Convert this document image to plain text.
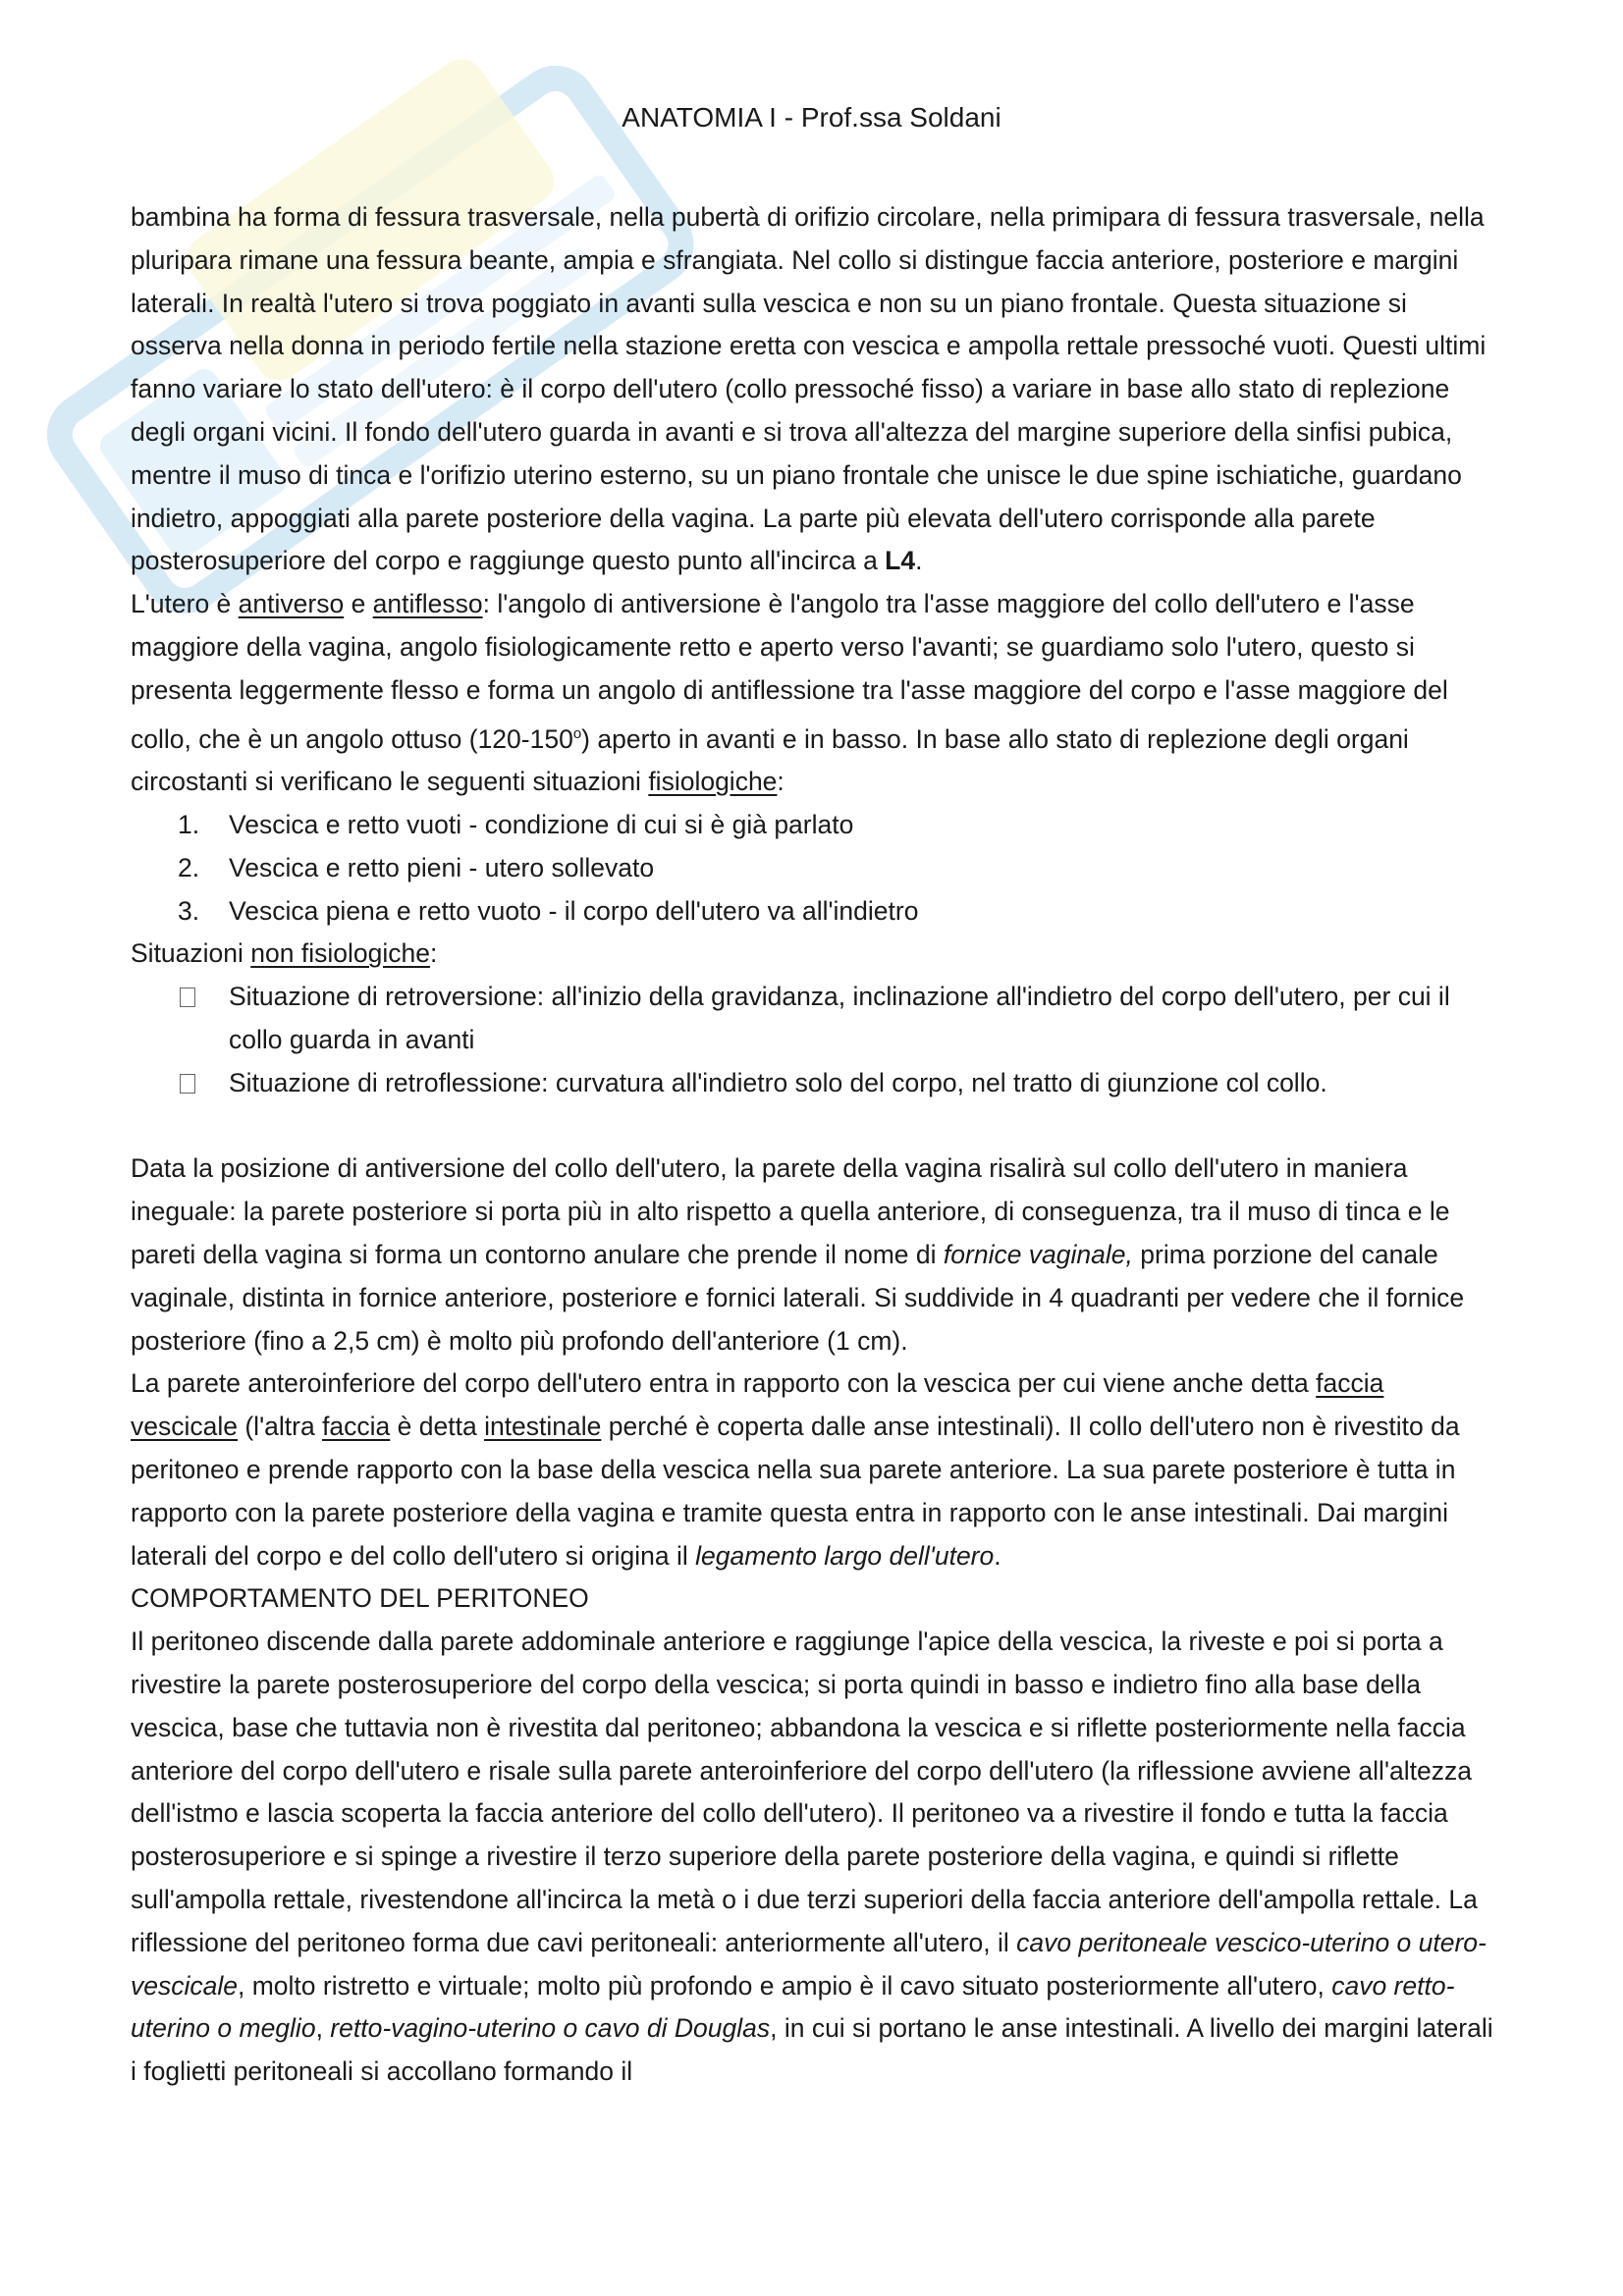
ANATOMIA I - Prof.ssa Soldani

bambina ha forma di fessura trasversale, nella pubertà di orifizio circolare, nella primipara di fessura trasversale, nella pluripara rimane una fessura beante, ampia e sfrangiata. Nel collo si distingue faccia anteriore, posteriore e margini laterali. In realtà l'utero si trova poggiato in avanti sulla vescica e non su un piano frontale. Questa situazione si osserva nella donna in periodo fertile nella stazione eretta con vescica e ampolla rettale pressoché vuoti. Questi ultimi fanno variare lo stato dell'utero: è il corpo dell'utero (collo pressoché fisso) a variare in base allo stato di replezione degli organi vicini. Il fondo dell'utero guarda in avanti e si trova all'altezza del margine superiore della sinfisi pubica, mentre il muso di tinca e l'orifizio uterino esterno, su un piano frontale che unisce le due spine ischiatiche, guardano indietro, appoggiati alla parete posteriore della vagina. La parte più elevata dell'utero corrisponde alla parete posterosuperiore del corpo e raggiunge questo punto all'incirca a L4.

L'utero è antiverso e antiflesso: l'angolo di antiversione è l'angolo tra l'asse maggiore del collo dell'utero e l'asse maggiore della vagina, angolo fisiologicamente retto e aperto verso l'avanti; se guardiamo solo l'utero, questo si presenta leggermente flesso e forma un angolo di antiflessione tra l'asse maggiore del corpo e l'asse maggiore del collo, che è un angolo ottuso (120-150$^o$) aperto in avanti e in basso. In base allo stato di replezione degli organi circostanti si verificano le seguenti situazioni fisiologiche:

1.	Vescica e retto vuoti - condizione di cui si è già parlato
2.	Vescica e retto pieni - utero sollevato
3.	Vescica piena e retto vuoto - il corpo dell'utero va all'indietro

Situazioni non fisiologiche:

Situazione di retroversione: all'inizio della gravidanza, inclinazione all'indietro del corpo dell'utero, per cui il collo guarda in avanti
Situazione di retroflessione: curvatura all'indietro solo del corpo, nel tratto di giunzione col collo.

Data la posizione di antiversione del collo dell'utero, la parete della vagina risalirà sul collo dell'utero in maniera ineguale: la parete posteriore si porta più in alto rispetto a quella anteriore, di conseguenza, tra il muso di tinca e le pareti della vagina si forma un contorno anulare che prende il nome di fornice vaginale, prima porzione del canale vaginale, distinta in fornice anteriore, posteriore e fornici laterali. Si suddivide in 4 quadranti per vedere che il fornice posteriore (fino a 2,5 cm) è molto più profondo dell'anteriore (1 cm).

La parete anteroinferiore del corpo dell'utero entra in rapporto con la vescica per cui viene anche detta faccia vescicale (l'altra faccia è detta intestinale perché è coperta dalle anse intestinali). Il collo dell'utero non è rivestito da peritoneo e prende rapporto con la base della vescica nella sua parete anteriore. La sua parete posteriore è tutta in rapporto con la parete posteriore della vagina e tramite questa entra in rapporto con le anse intestinali. Dai margini laterali del corpo e del collo dell'utero si origina il legamento largo dell'utero.

COMPORTAMENTO DEL PERITONEO

Il peritoneo discende dalla parete addominale anteriore e raggiunge l'apice della vescica, la riveste e poi si porta a rivestire la parete posterosuperiore del corpo della vescica; si porta quindi in basso e indietro fino alla base della vescica, base che tuttavia non è rivestita dal peritoneo; abbandona la vescica e si riflette posteriormente nella faccia anteriore del corpo dell'utero e risale sulla parete anteroinferiore del corpo dell'utero (la riflessione avviene all'altezza dell'istmo e lascia scoperta la faccia anteriore del collo dell'utero). Il peritoneo va a rivestire il fondo e tutta la faccia posterosuperiore e si spinge a rivestire il terzo superiore della parete posteriore della vagina, e quindi si riflette sull'ampolla rettale, rivestendone all'incirca la metà o i due terzi superiori della faccia anteriore dell'ampolla rettale. La riflessione del peritoneo forma due cavi peritoneali: anteriormente all'utero, il cavo peritoneale vescico-uterino o utero-vescicale, molto ristretto e virtuale; molto più profondo e ampio è il cavo situato posteriormente all'utero, cavo retto-uterino o meglio, retto-vagino-uterino o cavo di Douglas, in cui si portano le anse intestinali. A livello dei margini laterali i foglietti peritoneali si accollano formando il
